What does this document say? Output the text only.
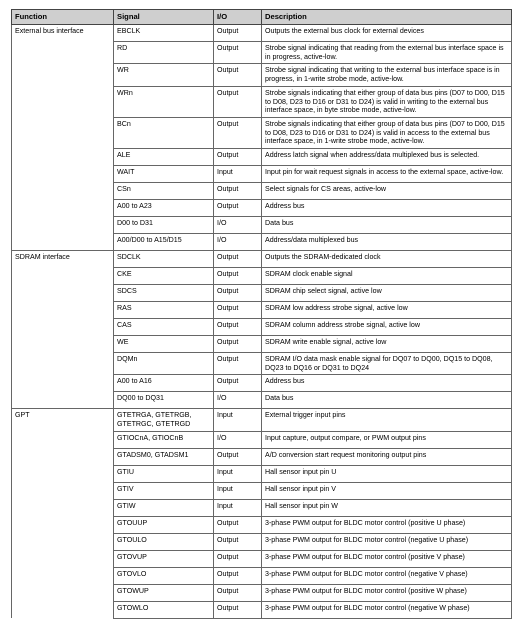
Function	Signal	I/O	Description
External bus interface	EBCLK	Output	Outputs the external bus clock for external devices
	RD	Output	Strobe signal indicating that reading from the external bus interface space is in progress, active-low.
	WR	Output	Strobe signal indicating that writing to the external bus interface space is in progress, in 1-write strobe mode, active-low.
	WRn	Output	Strobe signals indicating that either group of data bus pins (D07 to D00, D15 to D08, D23 to D16 or D31 to D24) is valid in writing to the external bus interface space, in byte strobe mode, active-low.
	BCn	Output	Strobe signals indicating that either group of data bus pins (D07 to D00, D15 to D08, D23 to D16 or D31 to D24) is valid in access to the external bus interface space, in 1-write strobe mode, active-low.
	ALE	Output	Address latch signal when address/data multiplexed bus is selected.
	WAIT	Input	Input pin for wait request signals in access to the external space, active-low.
	CSn	Output	Select signals for CS areas, active-low
	A00 to A23	Output	Address bus
	D00 to D31	I/O	Data bus
	A00/D00 to A15/D15	I/O	Address/data multiplexed bus
SDRAM interface	SDCLK	Output	Outputs the SDRAM-dedicated clock
	CKE	Output	SDRAM clock enable signal
	SDCS	Output	SDRAM chip select signal, active low
	RAS	Output	SDRAM low address strobe signal, active low
	CAS	Output	SDRAM column address strobe signal, active low
	WE	Output	SDRAM write enable signal, active low
	DQMn	Output	SDRAM I/O data mask enable signal for DQ07 to DQ00, DQ15 to DQ08, DQ23 to DQ16 or DQ31 to DQ24
	A00 to A16	Output	Address bus
	DQ00 to DQ31	I/O	Data bus
GPT	GTETRGA, GTETRGB, GTETRGC, GTETRGD	Input	External trigger input pins
	GTIOCnA, GTIOCnB	I/O	Input capture, output compare, or PWM output pins
	GTADSM0, GTADSM1	Output	A/D conversion start request monitoring output pins
	GTIU	Input	Hall sensor input pin U
	GTIV	Input	Hall sensor input pin V
	GTIW	Input	Hall sensor input pin W
	GTOUUP	Output	3-phase PWM output for BLDC motor control (positive U phase)
	GTOULO	Output	3-phase PWM output for BLDC motor control (negative U phase)
	GTOVUP	Output	3-phase PWM output for BLDC motor control (positive V phase)
	GTOVLO	Output	3-phase PWM output for BLDC motor control (negative V phase)
	GTOWUP	Output	3-phase PWM output for BLDC motor control (positive W phase)
	GTOWLO	Output	3-phase PWM output for BLDC motor control (negative W phase)
